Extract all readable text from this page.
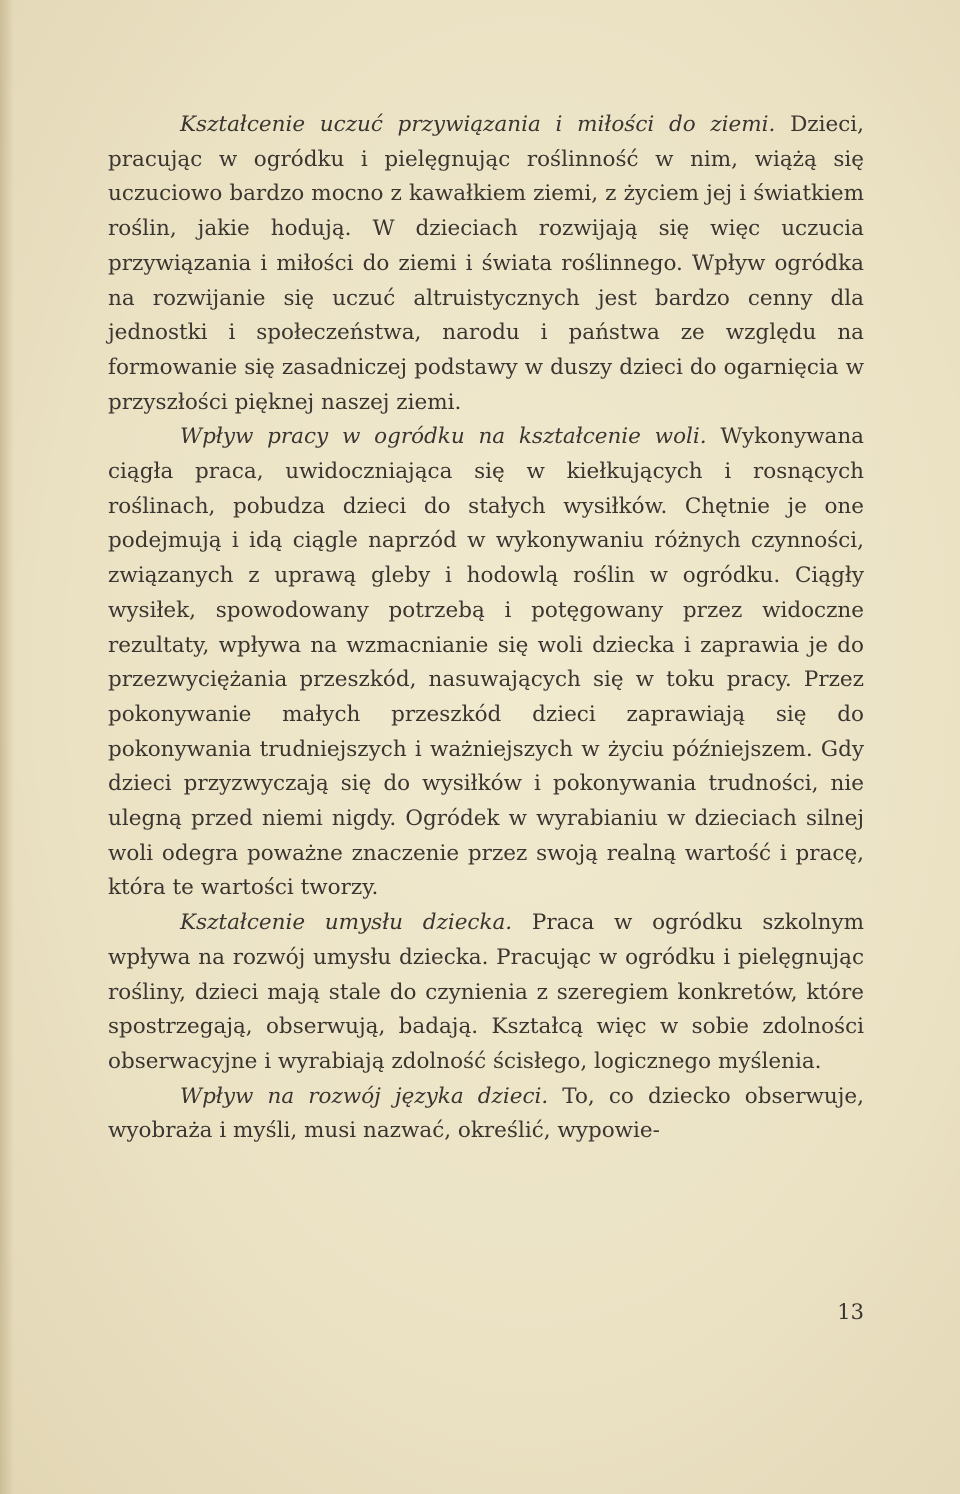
Kształcenie uczuć przywiązania i miłości do ziemi. Dzieci, pracując w ogródku i pielęgnując roślinność w nim, wiążą się uczuciowo bardzo mocno z kawałkiem ziemi, z życiem jej i światkiem roślin, jakie hodują. W dzieciach rozwijają się więc uczucia przywiązania i miłości do ziemi i świata roślinnego. Wpływ ogródka na rozwijanie się uczuć altruistycznych jest bardzo cenny dla jednostki i społeczeństwa, narodu i państwa ze względu na formowanie się zasadniczej podstawy w duszy dzieci do ogarnięcia w przyszłości pięknej naszej ziemi.

Wpływ pracy w ogródku na kształcenie woli. Wykonywana ciągła praca, uwidoczniająca się w kiełkujących i rosnących roślinach, pobudza dzieci do stałych wysiłków. Chętnie je one podejmują i idą ciągle naprzód w wykonywaniu różnych czynności, związanych z uprawą gleby i hodowlą roślin w ogródku. Ciągły wysiłek, spowodowany potrzebą i potęgowany przez widoczne rezultaty, wpływa na wzmacnianie się woli dziecka i zaprawia je do przezwyciężania przeszkód, nasuwających się w toku pracy. Przez pokonywanie małych przeszkód dzieci zaprawiają się do pokonywania trudniejszych i ważniejszych w życiu późniejszem. Gdy dzieci przyzwyczają się do wysiłków i pokonywania trudności, nie ulegną przed niemi nigdy. Ogródek w wyrabianiu w dzieciach silnej woli odegra poważne znaczenie przez swoją realną wartość i pracę, która te wartości tworzy.

Kształcenie umysłu dziecka. Praca w ogródku szkolnym wpływa na rozwój umysłu dziecka. Pracując w ogródku i pielęgnując rośliny, dzieci mają stale do czynienia z szeregiem konkretów, które spostrzegają, obserwują, badają. Kształcą więc w sobie zdolności obserwacyjne i wyrabiają zdolność ścisłego, logicznego myślenia.

Wpływ na rozwój języka dzieci. To, co dziecko obserwuje, wyobraża i myśli, musi nazwać, określić, wypowie-

13
